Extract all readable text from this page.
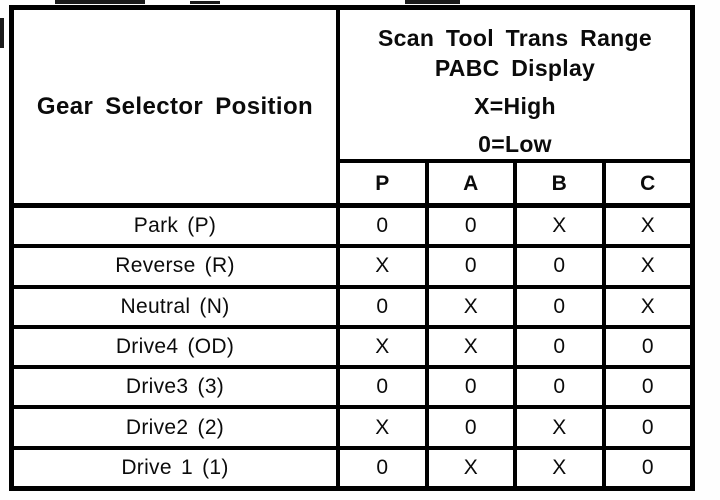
Gear Selector Position
Scan Tool Trans Range
PABC Display
X=High
0=Low
P	A	B	C
Park (P)	0	0	X	X
Reverse (R)	X	0	0	X
Neutral (N)	0	X	0	X
Drive4 (OD)	X	X	0	0
Drive3 (3)	0	0	0	0
Drive2 (2)	X	0	X	0
Drive 1 (1)	0	X	X	0
